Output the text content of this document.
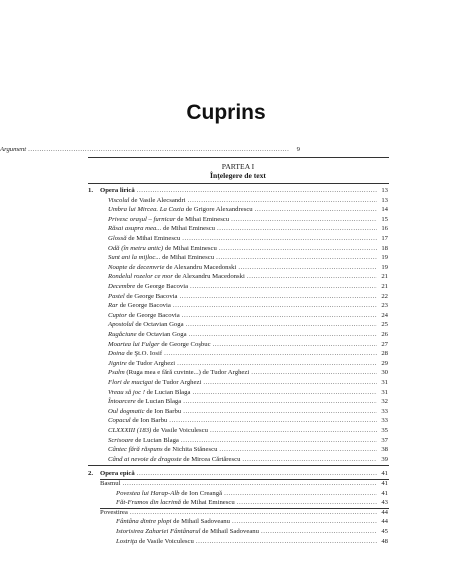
Cuprins
Argument .....	9
PARTEA I
Înţelegere de text
1. Opera lirică .....	13
Viscolul de Vasile Alecsandri .....	13
Umbra lui Mircea. La Cozia de Grigore Alexandrescu .....	14
Privesc oraşul – furnicar de Mihai Eminescu .....	15
Răsai asupra mea... de Mihai Eminescu .....	16
Glossă de Mihai Eminescu .....	17
Odă (în metru antic) de Mihai Eminescu .....	18
Sunt ani la mijloc... de Mihai Eminescu .....	19
Noapte de decemvrie de Alexandru Macedonski .....	19
Rondelul rozelor ce mor de Alexandru Macedonski .....	21
Decembre de George Bacovia .....	21
Pastel de George Bacovia .....	22
Rar de George Bacovia .....	23
Cuptor de George Bacovia .....	24
Apostolul de Octavian Goga .....	25
Rugăciune de Octavian Goga .....	26
Moartea lui Fulger de George Coşbuc .....	27
Doina de Şt.O. Iosif .....	28
Jignire de Tudor Arghezi .....	29
Psalm (Ruga mea e fără cuvinte...) de Tudor Arghezi .....	30
Flori de mucigai de Tudor Arghezi .....	31
Vreau să joc ! de Lucian Blaga .....	31
Întoarcere de Lucian Blaga .....	32
Oul dogmatic de Ion Barbu .....	33
Copacul de Ion Barbu .....	33
CLXXXIII (183) de Vasile Voiculescu .....	35
Scrisoare de Lucian Blaga .....	37
Cântec fără răspuns de Nichita Stănescu .....	38
Când ai nevoie de dragoste de Mircea Cărtărescu .....	39
2. Opera epică .....	41
Basmul .....	41
Povestea lui Harap-Alb de Ion Creangă .....	41
Făt-Frumos din lacrimă de Mihai Eminescu .....	43
Povestirea .....	44
Fântâna dintre plopi de Mihail Sadoveanu .....	44
Istorisirea Zahariei Fântânarul de Mihail Sadoveanu .....	45
Lostriţa de Vasile Voiculescu .....	48
